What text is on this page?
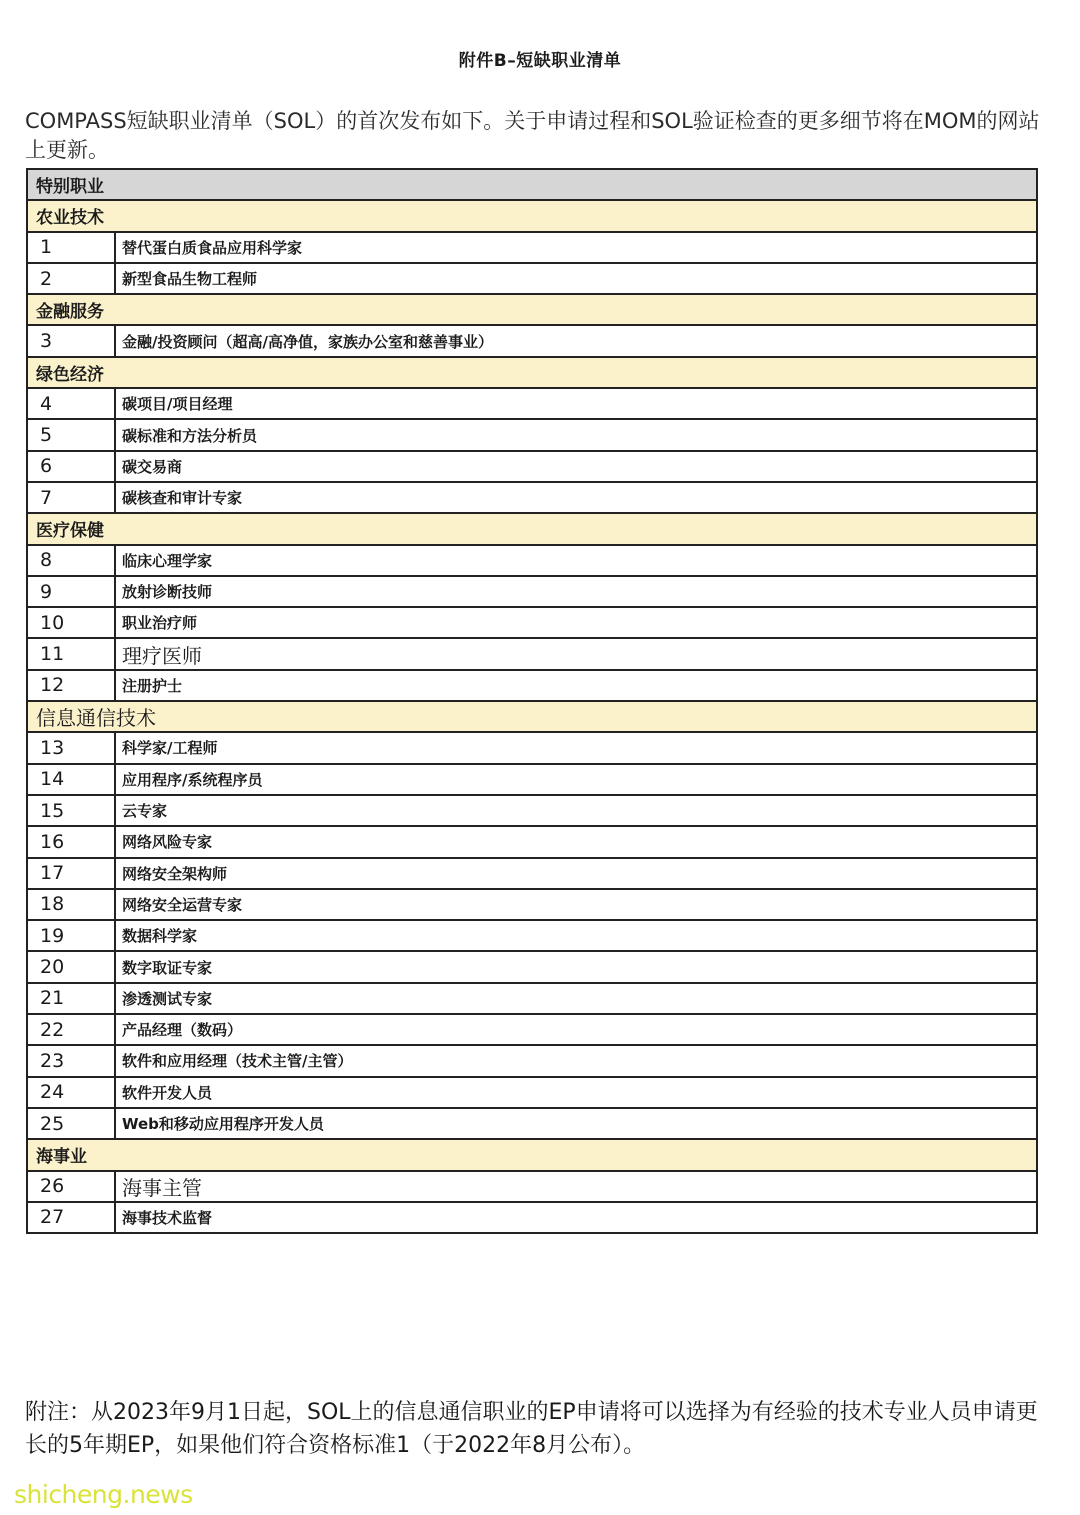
附件B–短缺职业清单
COMPASS短缺职业清单（SOL）的首次发布如下。关于申请过程和SOL验证检查的更多细节将在MOM的网站上更新。
特别职业	
农业技术	
1	替代蛋白质食品应用科学家
2	新型食品生物工程师
金融服务	
3	金融/投资顾问（超高/高净值，家族办公室和慈善事业）
绿色经济	
4	碳项目/项目经理
5	碳标准和方法分析员
6	碳交易商
7	碳核查和审计专家
医疗保健	
8	临床心理学家
9	放射诊断技师
10	职业治疗师
11	理疗医师
12	注册护士
信息通信技术	
13	科学家/工程师
14	应用程序/系统程序员
15	云专家
16	网络风险专家
17	网络安全架构师
18	网络安全运营专家
19	数据科学家
20	数字取证专家
21	渗透测试专家
22	产品经理（数码）
23	软件和应用经理（技术主管/主管）
24	软件开发人员
25	Web和移动应用程序开发人员
海事业	
26	海事主管
27	海事技术监督
附注：从2023年9月1日起，SOL上的信息通信职业的EP申请将可以选择为有经验的技术专业人员申请更长的5年期EP，如果他们符合资格标准1（于2022年8月公布）。
shicheng.news
